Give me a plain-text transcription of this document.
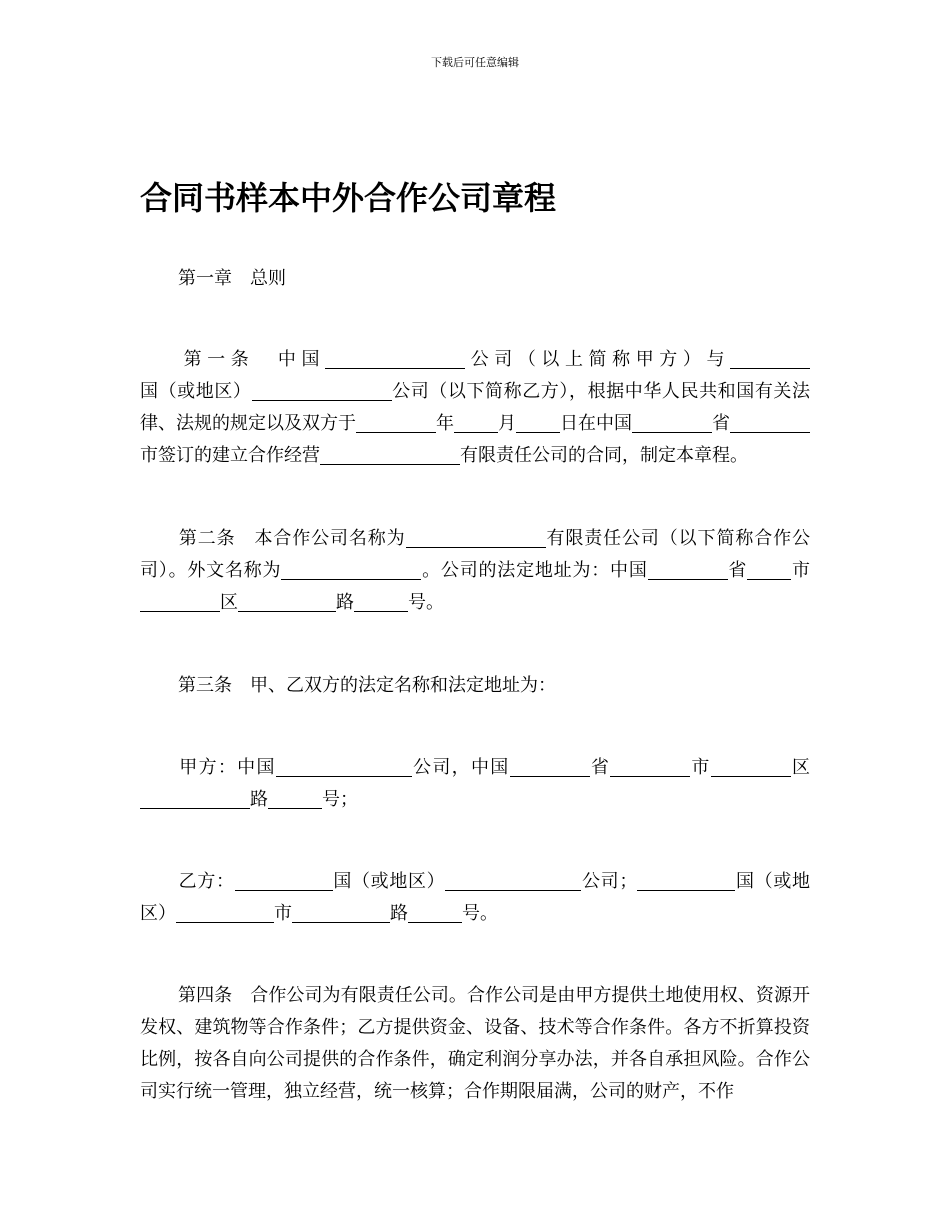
下载后可任意编辑
合同书样本中外合作公司章程
第一章 总则

第一条 中国	公司（以上简称甲方）与国（或地区）	公司（以下简称乙方），根据中华人民共和国有关法律、法规的规定以及双方于	年 月 日在中国	省市签订的建立合作经营	有限责任公司的合同，制定本章程。

第二条 本合作公司名称为	有限责任公司（以下简称合作公司）。外文名称为	。公司的法定地址为：中国	省 市区	路	号。

第三条 甲、乙双方的法定名称和法定地址为：

甲方：中国	公司，中国	省	市	区路	号；

乙方：	国（或地区）	公司；	国（或地区）	市	路	号。

第四条 合作公司为有限责任公司。合作公司是由甲方提供土地使用权、资源开发权、建筑物等合作条件；乙方提供资金、设备、技术等合作条件。各方不折算投资比例，按各自向公司提供的合作条件，确定利润分享办法，并各自承担风险。合作公司实行统一管理，独立经营，统一核算；合作期限届满，公司的财产，不作
